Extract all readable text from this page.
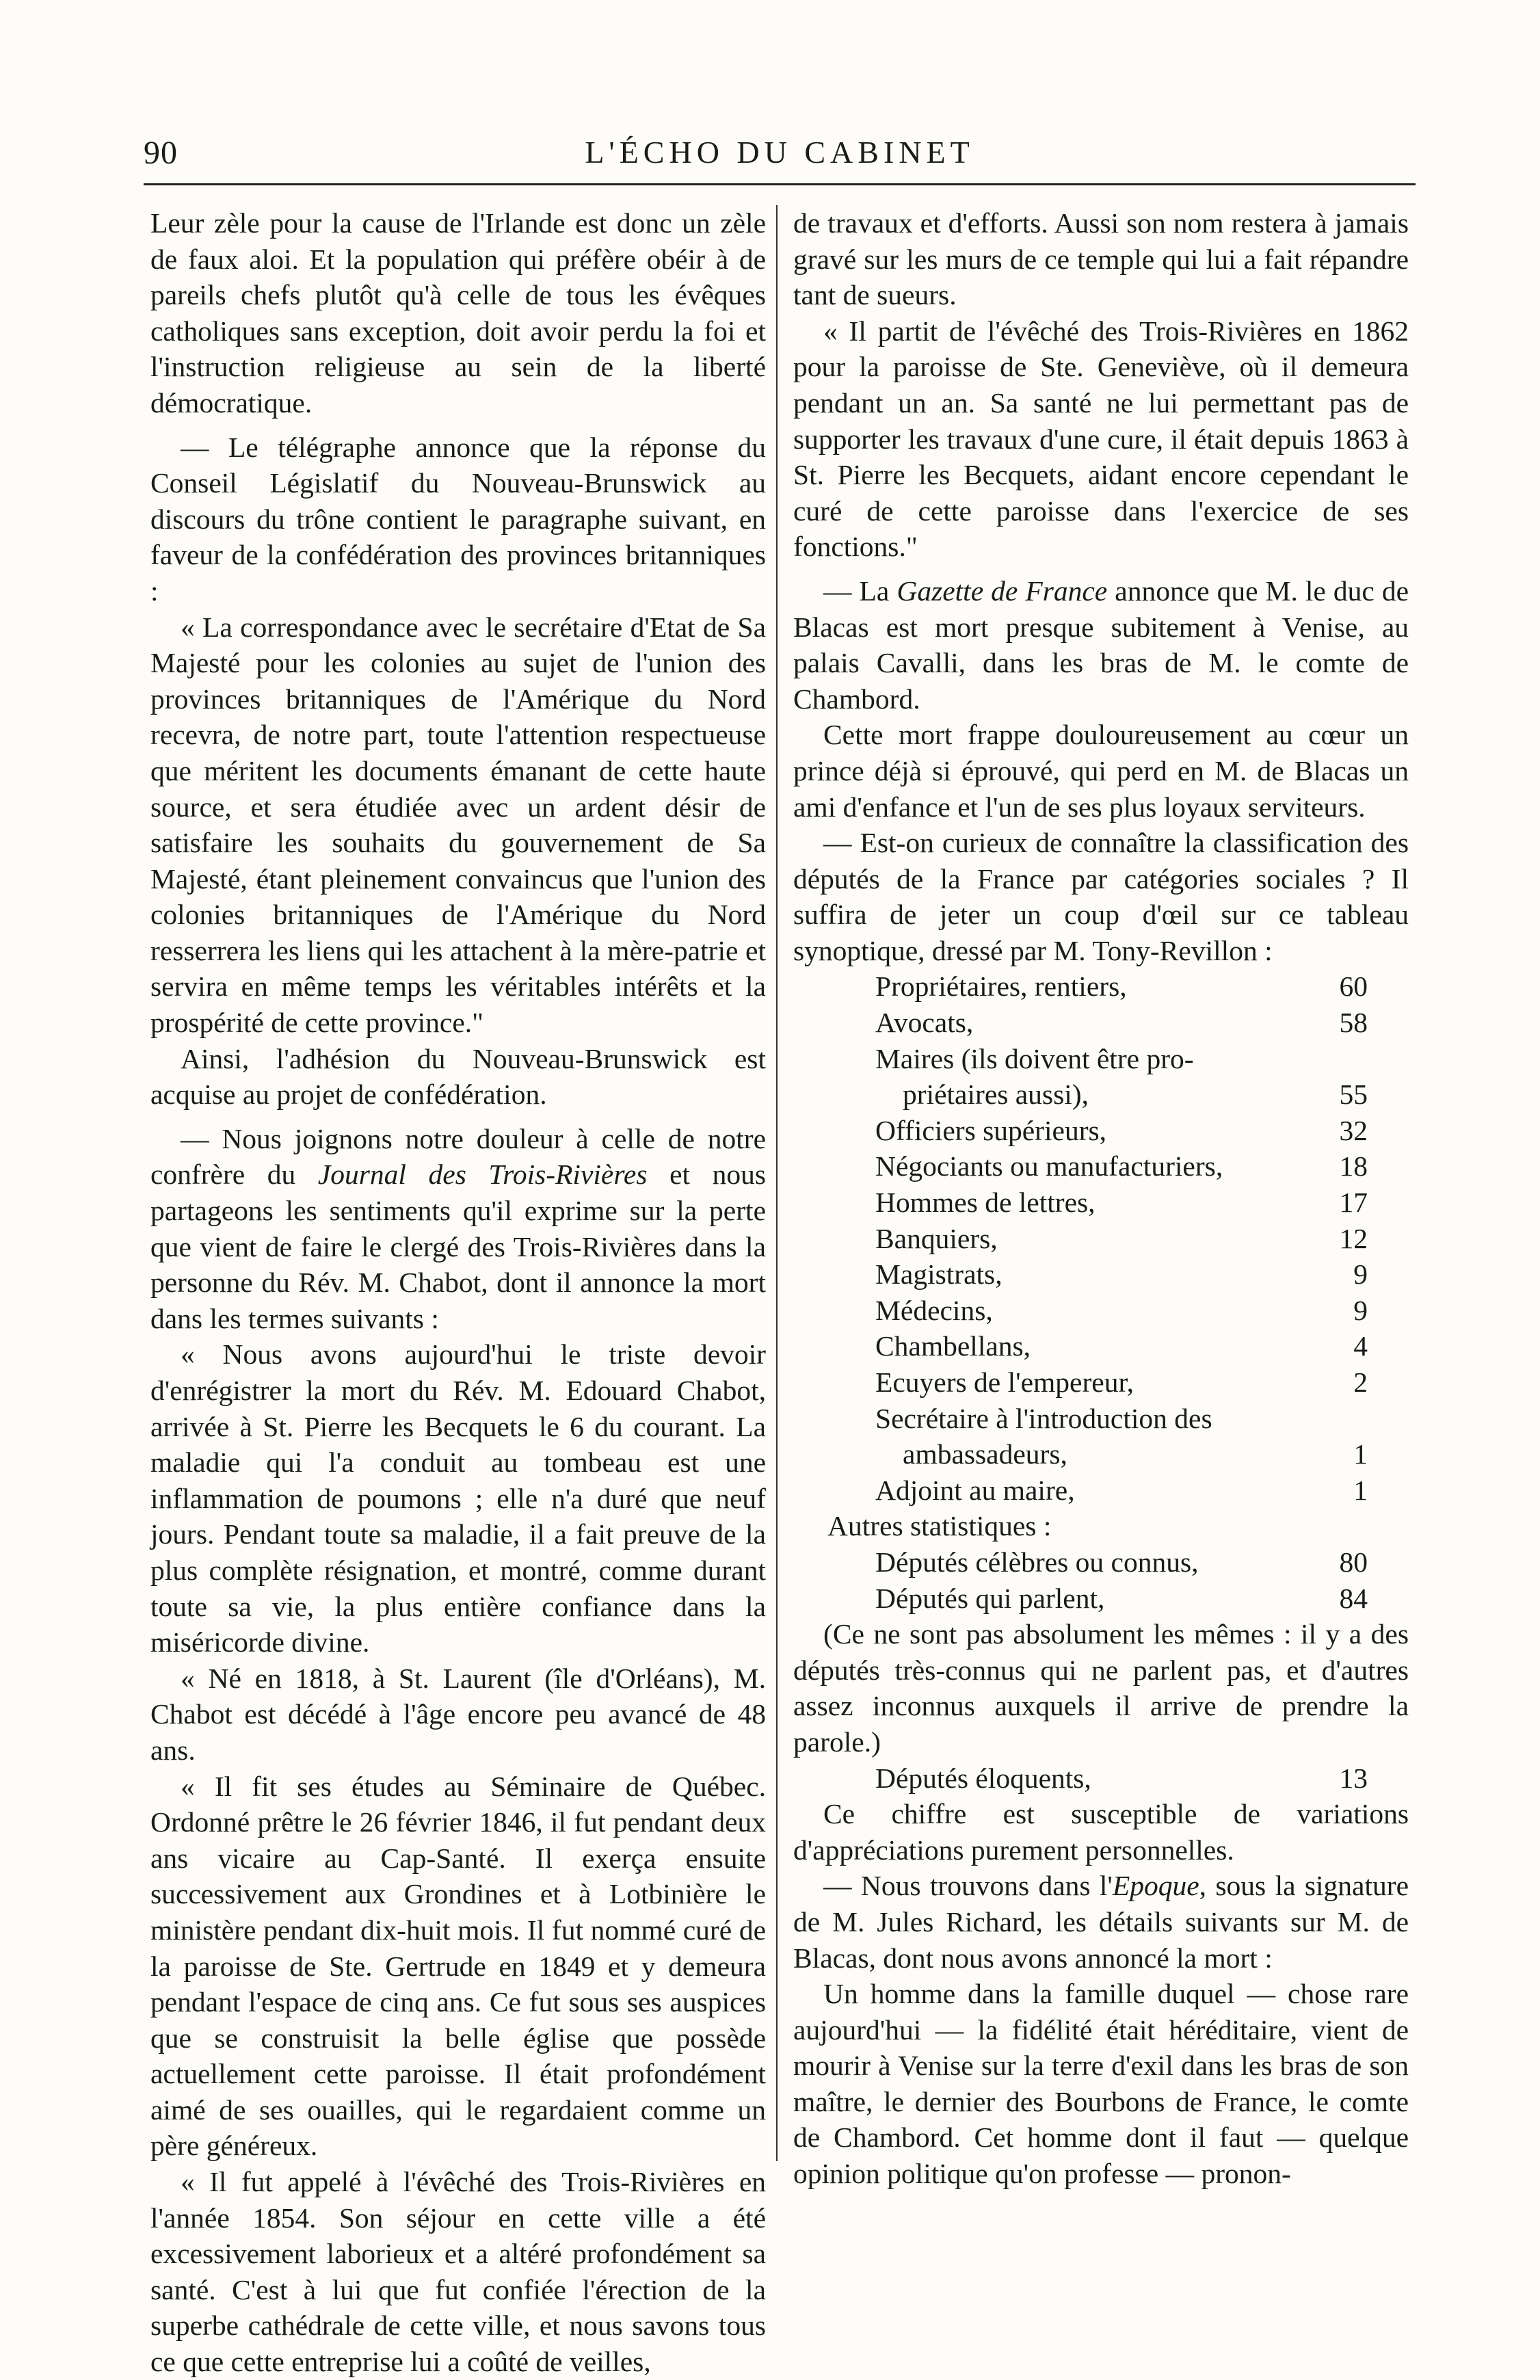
90	L'ÉCHO DU CABINET

Leur zèle pour la cause de l'Irlande est donc un zèle de faux aloi. Et la population qui préfère obéir à de pareils chefs plutôt qu'à celle de tous les évêques catholiques sans exception, doit avoir perdu la foi et l'instruction religieuse au sein de la liberté démocratique.

— Le télégraphe annonce que la réponse du Conseil Législatif du Nouveau-Brunswick au discours du trône contient le paragraphe suivant, en faveur de la confédération des provinces britanniques :

« La correspondance avec le secrétaire d'Etat de Sa Majesté pour les colonies au sujet de l'union des provinces britanniques de l'Amérique du Nord recevra, de notre part, toute l'attention respectueuse que méritent les documents émanant de cette haute source, et sera étudiée avec un ardent désir de satisfaire les souhaits du gouvernement de Sa Majesté, étant pleinement convaincus que l'union des colonies britanniques de l'Amérique du Nord resserrera les liens qui les attachent à la mère-patrie et servira en même temps les véritables intérêts et la prospérité de cette province."

Ainsi, l'adhésion du Nouveau-Brunswick est acquise au projet de confédération.

— Nous joignons notre douleur à celle de notre confrère du Journal des Trois-Rivières et nous partageons les sentiments qu'il exprime sur la perte que vient de faire le clergé des Trois-Rivières dans la personne du Rév. M. Chabot, dont il annonce la mort dans les termes suivants :

« Nous avons aujourd'hui le triste devoir d'enrégistrer la mort du Rév. M. Edouard Chabot, arrivée à St. Pierre les Becquets le 6 du courant. La maladie qui l'a conduit au tombeau est une inflammation de poumons ; elle n'a duré que neuf jours. Pendant toute sa maladie, il a fait preuve de la plus complète résignation, et montré, comme durant toute sa vie, la plus entière confiance dans la miséricorde divine.

« Né en 1818, à St. Laurent (île d'Orléans), M. Chabot est décédé à l'âge encore peu avancé de 48 ans.

« Il fit ses études au Séminaire de Québec. Ordonné prêtre le 26 février 1846, il fut pendant deux ans vicaire au Cap-Santé. Il exerça ensuite successivement aux Grondines et à Lotbinière le ministère pendant dix-huit mois. Il fut nommé curé de la paroisse de Ste. Gertrude en 1849 et y demeura pendant l'espace de cinq ans. Ce fut sous ses auspices que se construisit la belle église que possède actuellement cette paroisse. Il était profondément aimé de ses ouailles, qui le regardaient comme un père généreux.

« Il fut appelé à l'évêché des Trois-Rivières en l'année 1854. Son séjour en cette ville a été excessivement laborieux et a altéré profondément sa santé. C'est à lui que fut confiée l'érection de la superbe cathédrale de cette ville, et nous savons tous ce que cette entreprise lui a coûté de veilles,

de travaux et d'efforts. Aussi son nom restera à jamais gravé sur les murs de ce temple qui lui a fait répandre tant de sueurs.

« Il partit de l'évêché des Trois-Rivières en 1862 pour la paroisse de Ste. Geneviève, où il demeura pendant un an. Sa santé ne lui permettant pas de supporter les travaux d'une cure, il était depuis 1863 à St. Pierre les Becquets, aidant encore cependant le curé de cette paroisse dans l'exercice de ses fonctions."

— La Gazette de France annonce que M. le duc de Blacas est mort presque subitement à Venise, au palais Cavalli, dans les bras de M. le comte de Chambord.

Cette mort frappe douloureusement au cœur un prince déjà si éprouvé, qui perd en M. de Blacas un ami d'enfance et l'un de ses plus loyaux serviteurs.

— Est-on curieux de connaître la classification des députés de la France par catégories sociales ? Il suffira de jeter un coup d'œil sur ce tableau synoptique, dressé par M. Tony-Revillon :

Propriétaires, rentiers,	60
Avocats,	58
Maires (ils doivent être pro-
priétaires aussi),	55
Officiers supérieurs,	32
Négociants ou manufacturiers,	18
Hommes de lettres,	17
Banquiers,	12
Magistrats,	9
Médecins,	9
Chambellans,	4
Ecuyers de l'empereur,	2
Secrétaire à l'introduction des
ambassadeurs,	1
Adjoint au maire,	1

Autres statistiques :

Députés célèbres ou connus,	80
Députés qui parlent,	84

(Ce ne sont pas absolument les mêmes : il y a des députés très-connus qui ne parlent pas, et d'autres assez inconnus auxquels il arrive de prendre la parole.)

Députés éloquents,	13

Ce chiffre est susceptible de variations d'appréciations purement personnelles.

— Nous trouvons dans l'Epoque, sous la signature de M. Jules Richard, les détails suivants sur M. de Blacas, dont nous avons annoncé la mort :

Un homme dans la famille duquel — chose rare aujourd'hui — la fidélité était héréditaire, vient de mourir à Venise sur la terre d'exil dans les bras de son maître, le dernier des Bourbons de France, le comte de Chambord. Cet homme dont il faut — quelque opinion politique qu'on professe — pronon-
